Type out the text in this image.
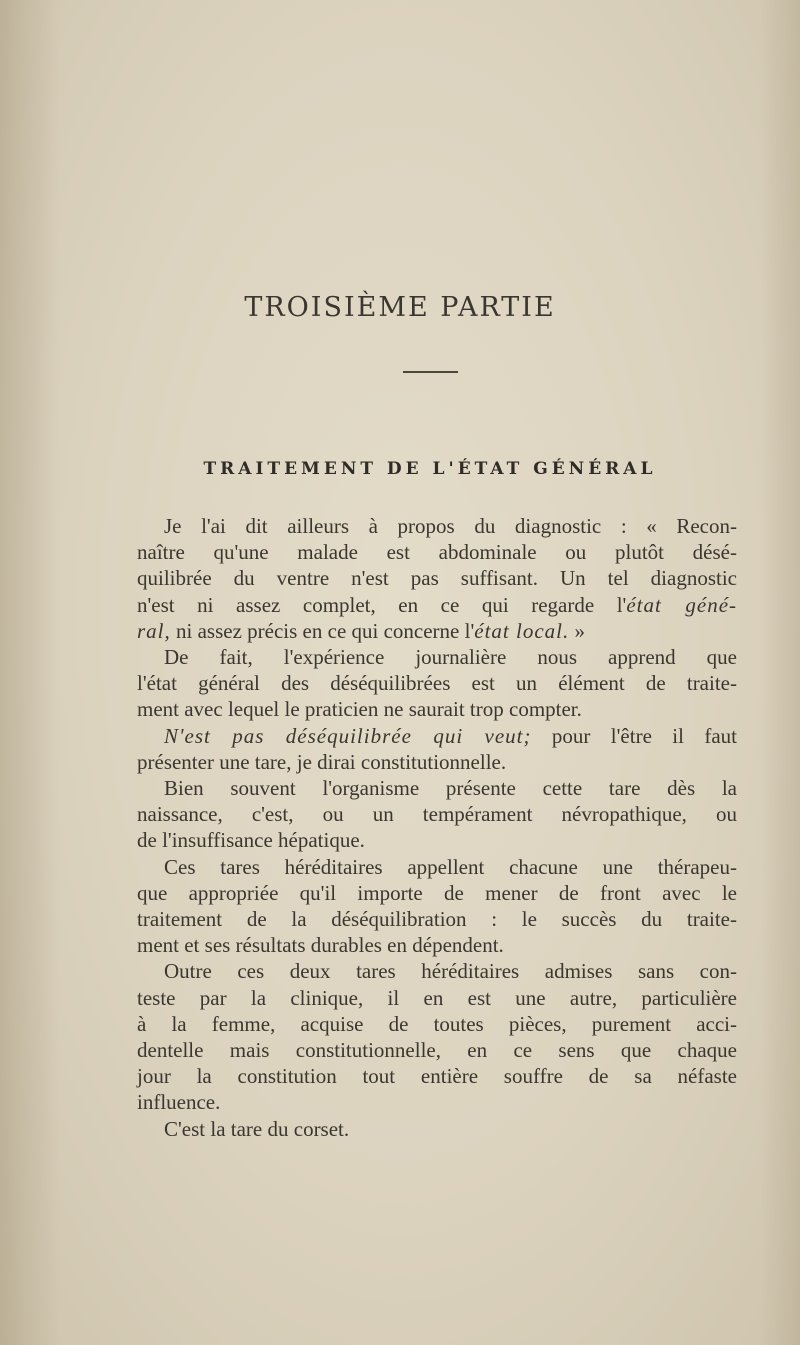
TROISIÈME PARTIE
TRAITEMENT DE L'ÉTAT GÉNÉRAL
Je l'ai dit ailleurs à propos du diagnostic : « Recon-
naître qu'une malade est abdominale ou plutôt désé-
quilibrée du ventre n'est pas suffisant. Un tel diagnostic
n'est ni assez complet, en ce qui regarde l'état géné-
ral, ni assez précis en ce qui concerne l'état local. »
De fait, l'expérience journalière nous apprend que
l'état général des déséquilibrées est un élément de traite-
ment avec lequel le praticien ne saurait trop compter.
N'est pas déséquilibrée qui veut; pour l'être il faut
présenter une tare, je dirai constitutionnelle.
Bien souvent l'organisme présente cette tare dès la
naissance, c'est, ou un tempérament névropathique, ou
de l'insuffisance hépatique.
Ces tares héréditaires appellent chacune une thérapeu-
que appropriée qu'il importe de mener de front avec le
traitement de la déséquilibration : le succès du traite-
ment et ses résultats durables en dépendent.
Outre ces deux tares héréditaires admises sans con-
teste par la clinique, il en est une autre, particulière
à la femme, acquise de toutes pièces, purement acci-
dentelle mais constitutionnelle, en ce sens que chaque
jour la constitution tout entière souffre de sa néfaste
influence.
C'est la tare du corset.
